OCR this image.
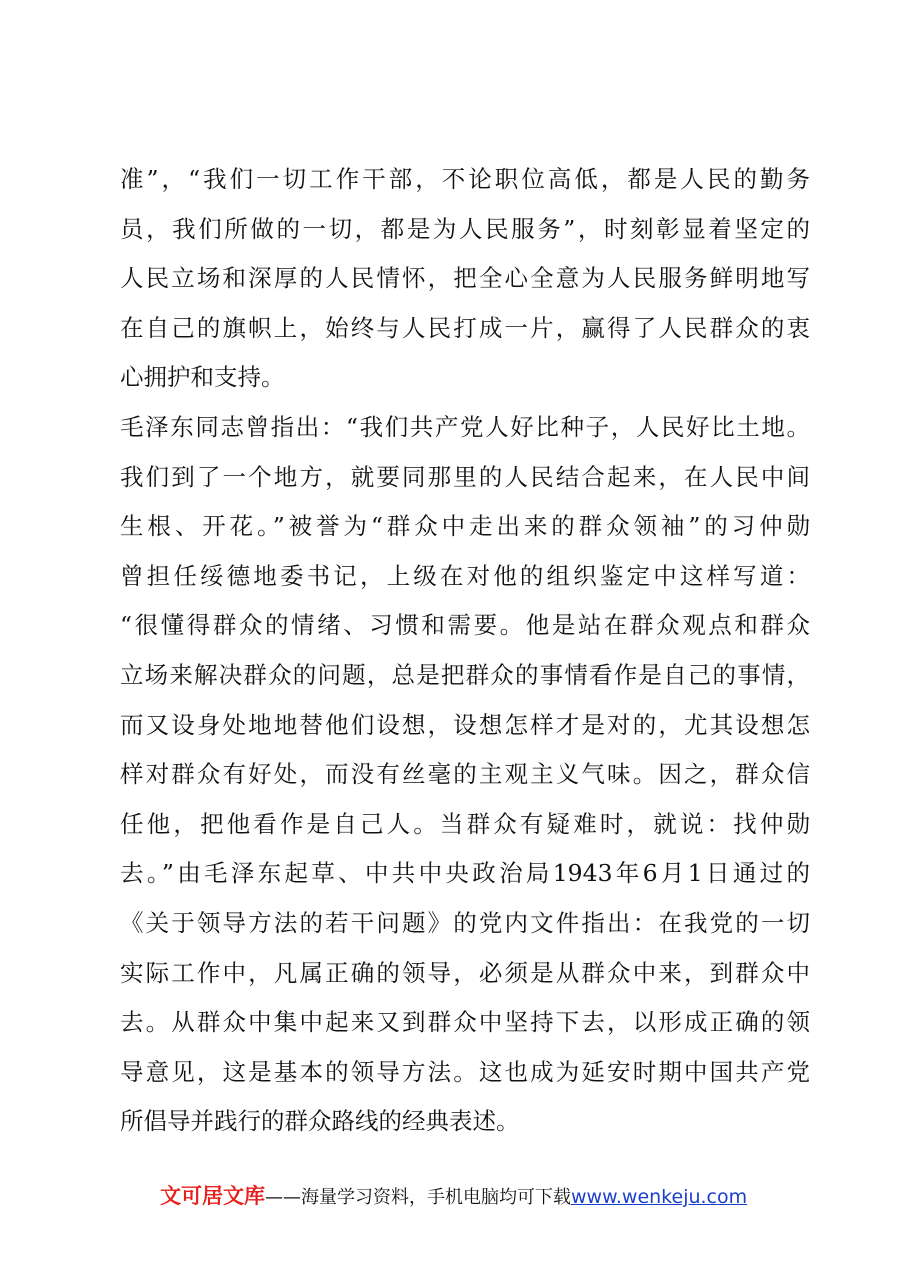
准”，“我们一切工作干部，不论职位高低，都是人民的勤务
员，我们所做的一切，都是为人民服务”，时刻彰显着坚定的
人民立场和深厚的人民情怀，把全心全意为人民服务鲜明地写
在自己的旗帜上，始终与人民打成一片，赢得了人民群众的衷
心拥护和支持。
毛泽东同志曾指出：“我们共产党人好比种子，人民好比土地。
我们到了一个地方，就要同那里的人民结合起来，在人民中间
生根、开花。”被誉为“群众中走出来的群众领袖”的习仲勋
曾担任绥德地委书记，上级在对他的组织鉴定中这样写道：
“很懂得群众的情绪、习惯和需要。他是站在群众观点和群众
立场来解决群众的问题，总是把群众的事情看作是自己的事情，
而又设身处地地替他们设想，设想怎样才是对的，尤其设想怎
样对群众有好处，而没有丝毫的主观主义气味。因之，群众信
任他，把他看作是自己人。当群众有疑难时，就说：找仲勋
去。”由毛泽东起草、中共中央政治局1943年6月1日通过的
《关于领导方法的若干问题》的党内文件指出：在我党的一切
实际工作中，凡属正确的领导，必须是从群众中来，到群众中
去。从群众中集中起来又到群众中坚持下去，以形成正确的领
导意见，这是基本的领导方法。这也成为延安时期中国共产党
所倡导并践行的群众路线的经典表述。
文可居文库——海量学习资料，手机电脑均可下载www.wenkeju.com
